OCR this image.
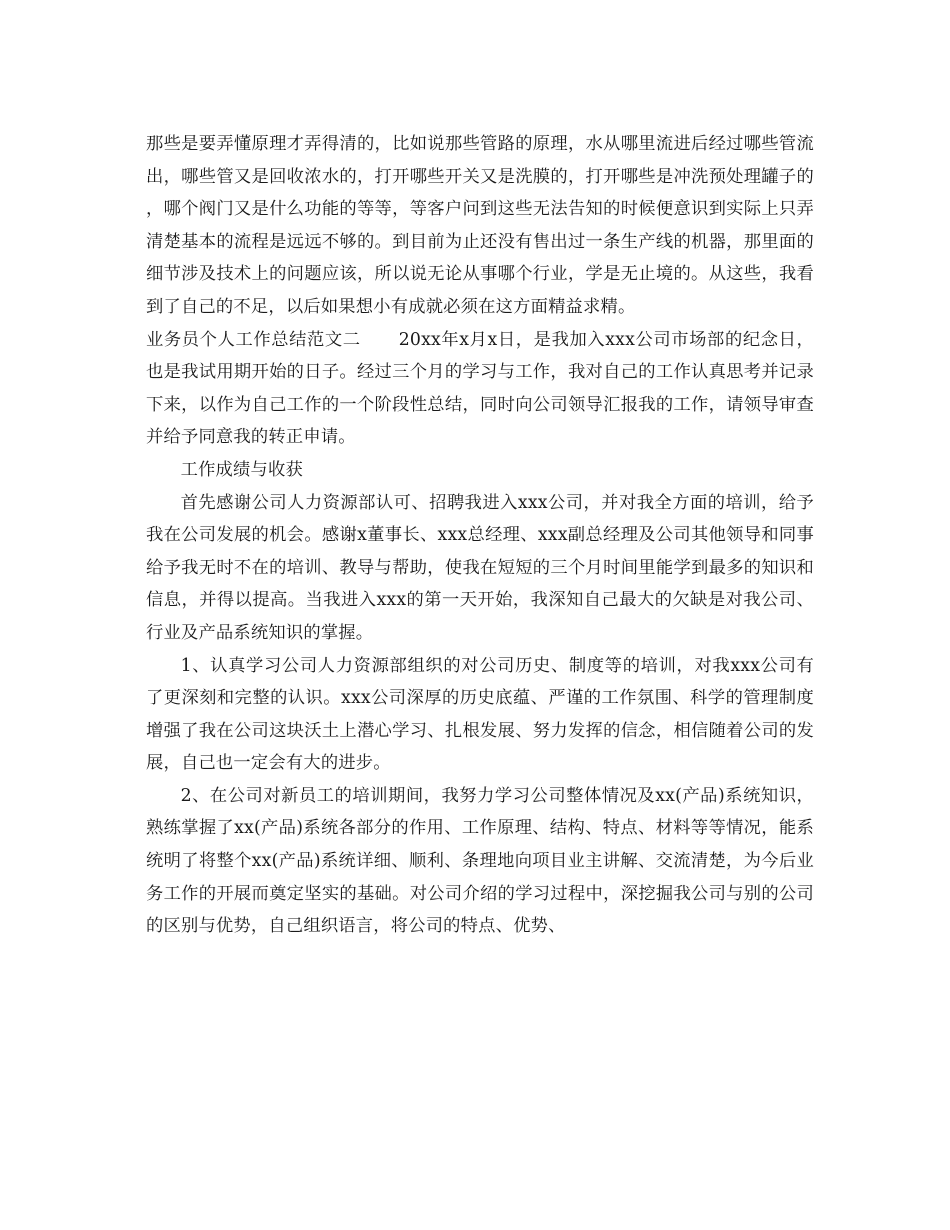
那些是要弄懂原理才弄得清的，比如说那些管路的原理，水从哪里流进后经过哪些管流出，哪些管又是回收浓水的，打开哪些开关又是洗膜的，打开哪些是冲洗预处理罐子的，哪个阀门又是什么功能的等等，等客户问到这些无法告知的时候便意识到实际上只弄清楚基本的流程是远远不够的。到目前为止还没有售出过一条生产线的机器，那里面的细节涉及技术上的问题应该，所以说无论从事哪个行业，学是无止境的。从这些，我看到了自己的不足，以后如果想小有成就必须在这方面精益求精。

业务员个人工作总结范文二 20xx年x月x日，是我加入xxx公司市场部的纪念日，也是我试用期开始的日子。经过三个月的学习与工作，我对自己的工作认真思考并记录下来，以作为自己工作的一个阶段性总结，同时向公司领导汇报我的工作，请领导审查并给予同意我的转正申请。

工作成绩与收获

首先感谢公司人力资源部认可、招聘我进入xxx公司，并对我全方面的培训，给予我在公司发展的机会。感谢x董事长、xxx总经理、xxx副总经理及公司其他领导和同事给予我无时不在的培训、教导与帮助，使我在短短的三个月时间里能学到最多的知识和信息，并得以提高。当我进入xxx的第一天开始，我深知自己最大的欠缺是对我公司、行业及产品系统知识的掌握。

1、认真学习公司人力资源部组织的对公司历史、制度等的培训，对我xxx公司有了更深刻和完整的认识。xxx公司深厚的历史底蕴、严谨的工作氛围、科学的管理制度增强了我在公司这块沃土上潜心学习、扎根发展、努力发挥的信念，相信随着公司的发展，自己也一定会有大的进步。

2、在公司对新员工的培训期间，我努力学习公司整体情况及xx(产品)系统知识，熟练掌握了xx(产品)系统各部分的作用、工作原理、结构、特点、材料等等情况，能系统明了将整个xx(产品)系统详细、顺利、条理地向项目业主讲解、交流清楚，为今后业务工作的开展而奠定坚实的基础。对公司介绍的学习过程中，深挖掘我公司与别的公司的区别与优势，自己组织语言，将公司的特点、优势、
